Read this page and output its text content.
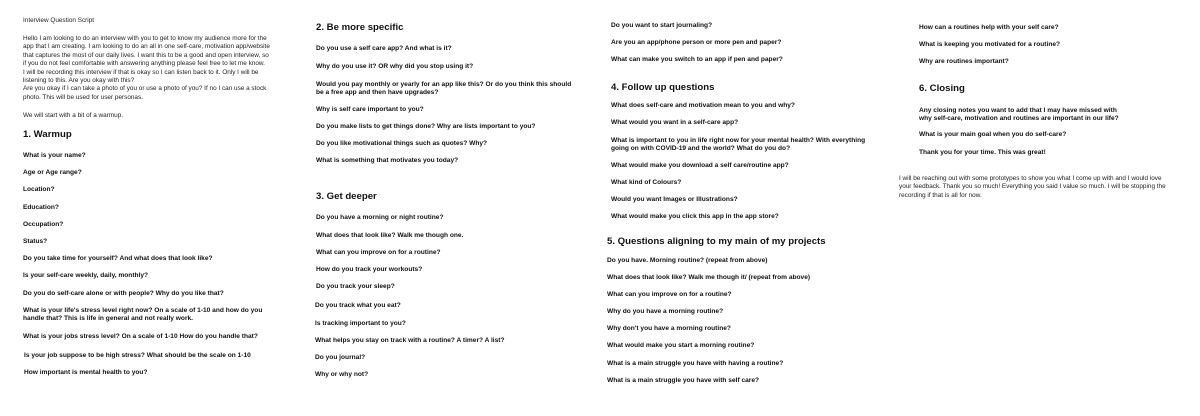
Interview Question Script
Hello I am looking to do an interview with you to get to know my audience more for the
app that I am creating. I am looking to do an all in one self-care, motivation app/website
that captures the most of our daily lives. I want this to be a good and open interview, so
if you do not feel comfortable with answering anything please feel free to let me know.
I will be recording this interview if that is okay so I can listen back to it. Only I will be
listening to this. Are you okay with this?
Are you okay if I can take a photo of you or use a photo of you? If no I can use a stock
photo. This will be used for user personas.
We will start with a bit of a warmup.
1. Warmup
What is your name?
Age or Age range?
Location?
Education?
Occupation?
Status?
Do you take time for yourself? And what does that look like?
Is your self-care weekly, daily, monthly?
Do you do self-care alone or with people? Why do you like that?
What is your life's stress level right now? On a scale of 1-10 and how do you handle that? This is life in general and not really work.
What is your jobs stress level? On a scale of 1-10 How do you handle that?
Is your job suppose to be high stress? What should be the scale on 1-10
How important is mental health to you?
2. Be more specific
Do you use a self care app? And what is it?
Why do you use it? OR why did you stop using it?
Would you pay monthly or yearly for an app like this? Or do you think this should be a free app and then have upgrades?
Why is self care important to you?
Do you make lists to get things done? Why are lists important to you?
Do you like motivational things such as quotes? Why?
What is something that motivates you today?
3. Get deeper
Do you have a morning or night routine?
What does that look like? Walk me though one.
What can you improve on for a routine?
How do you track your workouts?
Do you track your sleep?
Do you track what you eat?
Is tracking important to you?
What helps you stay on track with a routine? A timer? A list?
Do you journal?
Why or why not?
Do you want to start journaling?
Are you an app/phone person or more pen and paper?
What can make you switch to an app if pen and paper?
4. Follow up questions
What does self-care and motivation mean to you and why?
What would you want in a self-care app?
What is important to you in life right now for your mental health? With everything going on with COVID-19 and the world? What do you do?
What would make you download a self care/routine app?
What kind of Colours?
Would you want Images or Illustrations?
What would make you click this app in the app store?
5. Questions aligning to my main of my projects
Do you have. Morning routine? (repeat from above)
What does that look like? Walk me though it/ (repeat from above)
What can you improve on for a routine?
Why do you have a morning routine?
Why don't you have a morning routine?
What would make you start a morning routine?
What is a main struggle you have with having a routine?
What is a main struggle you have with self care?
How can a routines help with your self care?
What is keeping you motivated for a routine?
Why are routines important?
6. Closing
Any closing notes you want to add that I may have missed with why self-care, motivation and routines are important in our life?
What is your main goal when you do self-care?
Thank you for your time. This was great!
I will be reaching out with some prototypes to show you what I come up with and I would love your feedback. Thank you so much! Everything you said I value so much. I will be stopping the recording if that is all for now.
